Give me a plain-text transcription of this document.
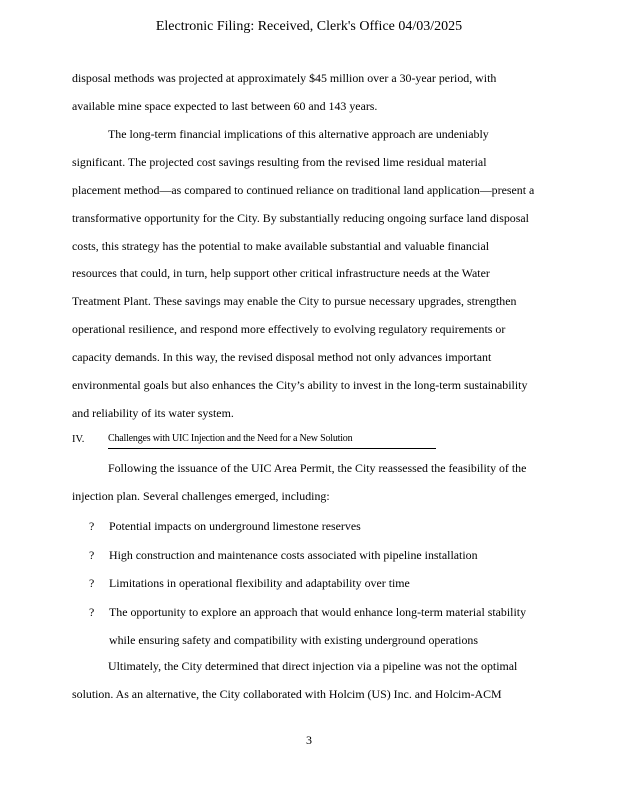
Electronic Filing: Received, Clerk's Office 04/03/2025
disposal methods was projected at approximately $45 million over a 30-year period, with
available mine space expected to last between 60 and 143 years.
The long-term financial implications of this alternative approach are undeniably
significant. The projected cost savings resulting from the revised lime residual material
placement method—as compared to continued reliance on traditional land application—present a
transformative opportunity for the City. By substantially reducing ongoing surface land disposal
costs, this strategy has the potential to make available substantial and valuable financial
resources that could, in turn, help support other critical infrastructure needs at the Water
Treatment Plant. These savings may enable the City to pursue necessary upgrades, strengthen
operational resilience, and respond more effectively to evolving regulatory requirements or
capacity demands. In this way, the revised disposal method not only advances important
environmental goals but also enhances the City’s ability to invest in the long-term sustainability
and reliability of its water system.
IV. Challenges with UIC Injection and the Need for a New Solution
Following the issuance of the UIC Area Permit, the City reassessed the feasibility of the
injection plan. Several challenges emerged, including:
? Potential impacts on underground limestone reserves
? High construction and maintenance costs associated with pipeline installation
? Limitations in operational flexibility and adaptability over time
? The opportunity to explore an approach that would enhance long-term material stability
while ensuring safety and compatibility with existing underground operations
Ultimately, the City determined that direct injection via a pipeline was not the optimal
solution. As an alternative, the City collaborated with Holcim (US) Inc. and Holcim-ACM
3
